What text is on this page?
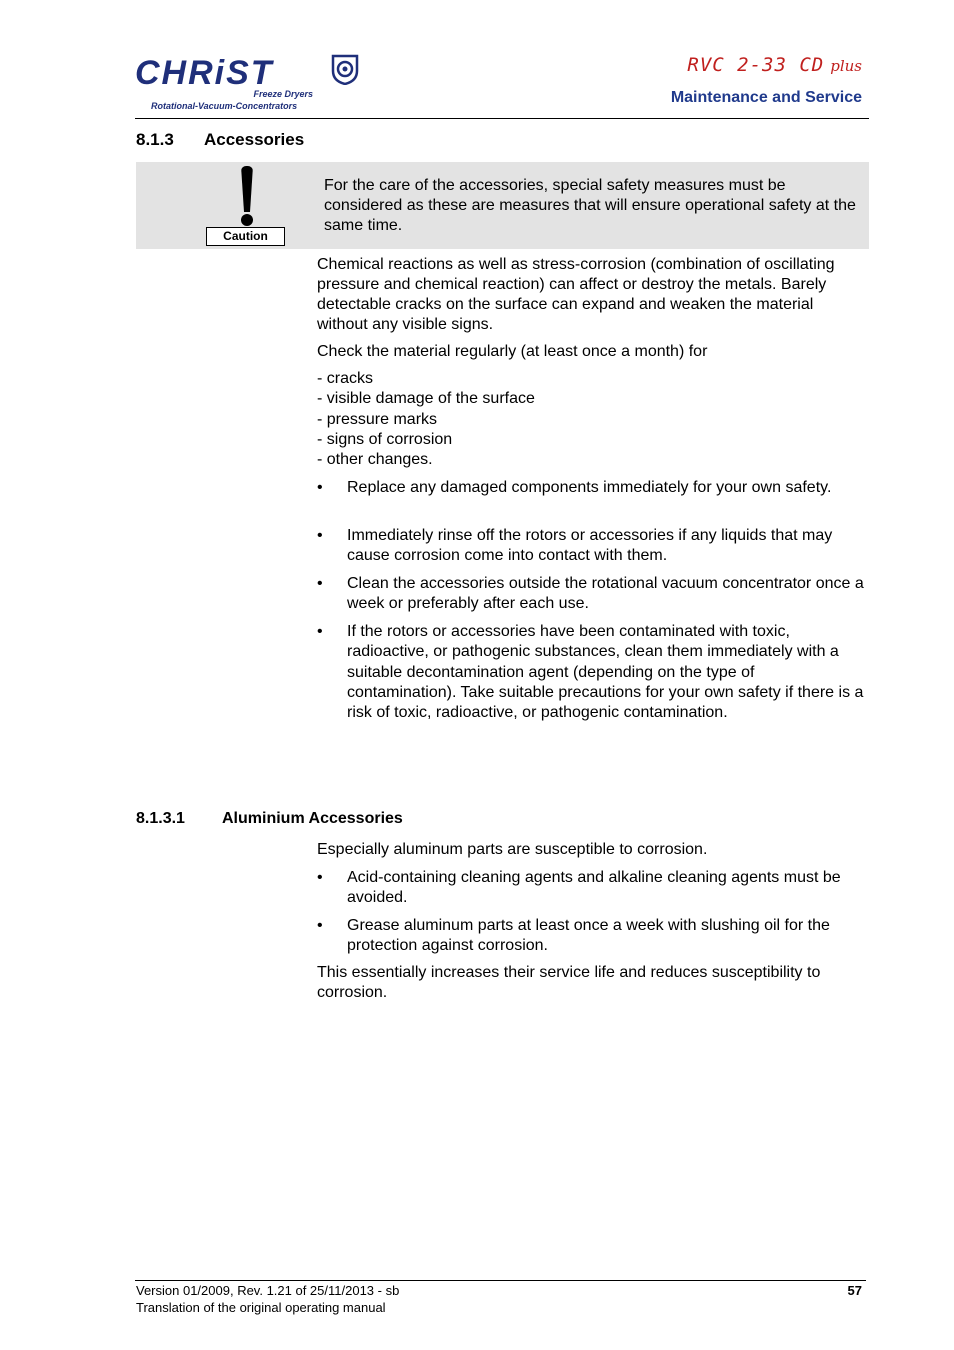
CHRiST
Freeze Dryers
Rotational-Vacuum-Concentrators
RVC 2-33 CD plus
Maintenance and Service
8.1.3 Accessories
Caution
For the care of the accessories, special safety measures must be considered as these are measures that will ensure operational safety at the same time.
Chemical reactions as well as stress-corrosion (combination of oscillating pressure and chemical reaction) can affect or destroy the metals. Barely detectable cracks on the surface can expand and weaken the material without any visible signs.
Check the material regularly (at least once a month) for
- cracks
- visible damage of the surface
- pressure marks
- signs of corrosion
- other changes.
• Replace any damaged components immediately for your own safety.
• Immediately rinse off the rotors or accessories if any liquids that may cause corrosion come into contact with them.
• Clean the accessories outside the rotational vacuum concentrator once a week or preferably after each use.
• If the rotors or accessories have been contaminated with toxic, radioactive, or pathogenic substances, clean them immediately with a suitable decontamination agent (depending on the type of contamination). Take suitable precautions for your own safety if there is a risk of toxic, radioactive, or pathogenic contamination.
8.1.3.1 Aluminium Accessories
Especially aluminum parts are susceptible to corrosion.
• Acid-containing cleaning agents and alkaline cleaning agents must be avoided.
• Grease aluminum parts at least once a week with slushing oil for the protection against corrosion.
This essentially increases their service life and reduces susceptibility to corrosion.
Version 01/2009, Rev. 1.21 of 25/11/2013 - sb
Translation of the original operating manual
57
